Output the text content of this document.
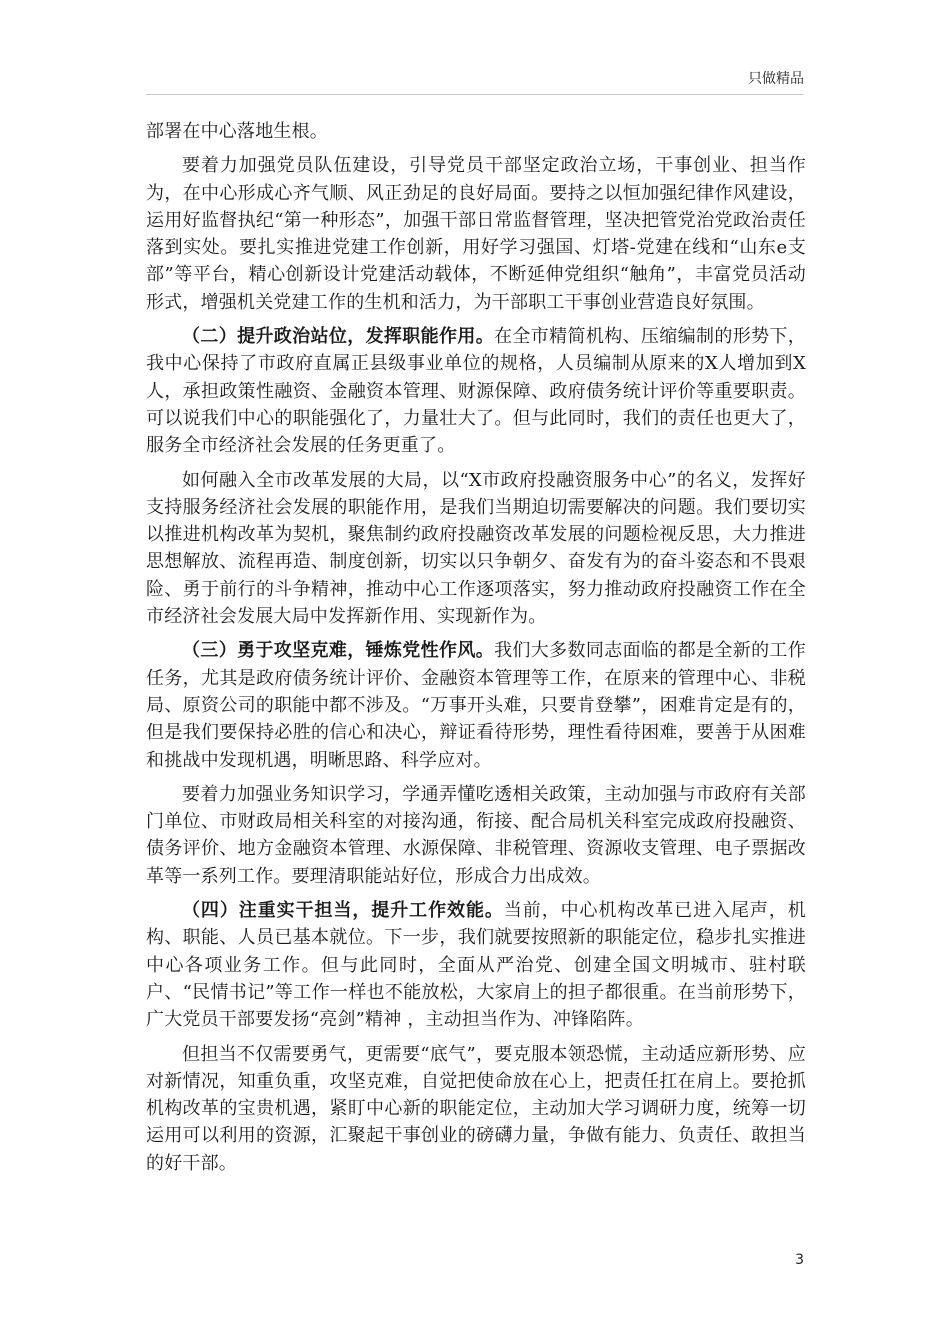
只做精品

部署在中心落地生根。

要着力加强党员队伍建设，引导党员干部坚定政治立场，干事创业、担当作为，在中心形成心齐气顺、风正劲足的良好局面。要持之以恒加强纪律作风建设，运用好监督执纪“第一种形态”，加强干部日常监督管理，坚决把管党治党政治责任落到实处。要扎实推进党建工作创新，用好学习强国、灯塔-党建在线和“山东e支部”等平台，精心创新设计党建活动载体，不断延伸党组织“触角”，丰富党员活动形式，增强机关党建工作的生机和活力，为干部职工干事创业营造良好氛围。

（二）提升政治站位，发挥职能作用。在全市精简机构、压缩编制的形势下，我中心保持了市政府直属正县级事业单位的规格，人员编制从原来的X人增加到X人，承担政策性融资、金融资本管理、财源保障、政府债务统计评价等重要职责。可以说我们中心的职能强化了，力量壮大了。但与此同时，我们的责任也更大了，服务全市经济社会发展的任务更重了。

如何融入全市改革发展的大局，以“X市政府投融资服务中心”的名义，发挥好支持服务经济社会发展的职能作用，是我们当期迫切需要解决的问题。我们要切实以推进机构改革为契机，聚焦制约政府投融资改革发展的问题检视反思，大力推进思想解放、流程再造、制度创新，切实以只争朝夕、奋发有为的奋斗姿态和不畏艰险、勇于前行的斗争精神，推动中心工作逐项落实，努力推动政府投融资工作在全市经济社会发展大局中发挥新作用、实现新作为。

（三）勇于攻坚克难，锤炼党性作风。我们大多数同志面临的都是全新的工作任务，尤其是政府债务统计评价、金融资本管理等工作，在原来的管理中心、非税局、原资公司的职能中都不涉及。“万事开头难，只要肯登攀”，困难肯定是有的，但是我们要保持必胜的信心和决心，辩证看待形势，理性看待困难，要善于从困难和挑战中发现机遇，明晰思路、科学应对。

要着力加强业务知识学习，学通弄懂吃透相关政策，主动加强与市政府有关部门单位、市财政局相关科室的对接沟通，衔接、配合局机关科室完成政府投融资、债务评价、地方金融资本管理、水源保障、非税管理、资源收支管理、电子票据改革等一系列工作。要理清职能站好位，形成合力出成效。

（四）注重实干担当，提升工作效能。当前，中心机构改革已进入尾声，机构、职能、人员已基本就位。下一步，我们就要按照新的职能定位，稳步扎实推进中心各项业务工作。但与此同时，全面从严治党、创建全国文明城市、驻村联户、“民情书记”等工作一样也不能放松，大家肩上的担子都很重。在当前形势下，广大党员干部要发扬“亮剑”精神 ，主动担当作为、冲锋陷阵。

但担当不仅需要勇气，更需要“底气”，要克服本领恐慌，主动适应新形势、应对新情况，知重负重，攻坚克难，自觉把使命放在心上，把责任扛在肩上。要抢抓机构改革的宝贵机遇，紧盯中心新的职能定位，主动加大学习调研力度，统筹一切运用可以利用的资源，汇聚起干事创业的磅礴力量，争做有能力、负责任、敢担当的好干部。

3
